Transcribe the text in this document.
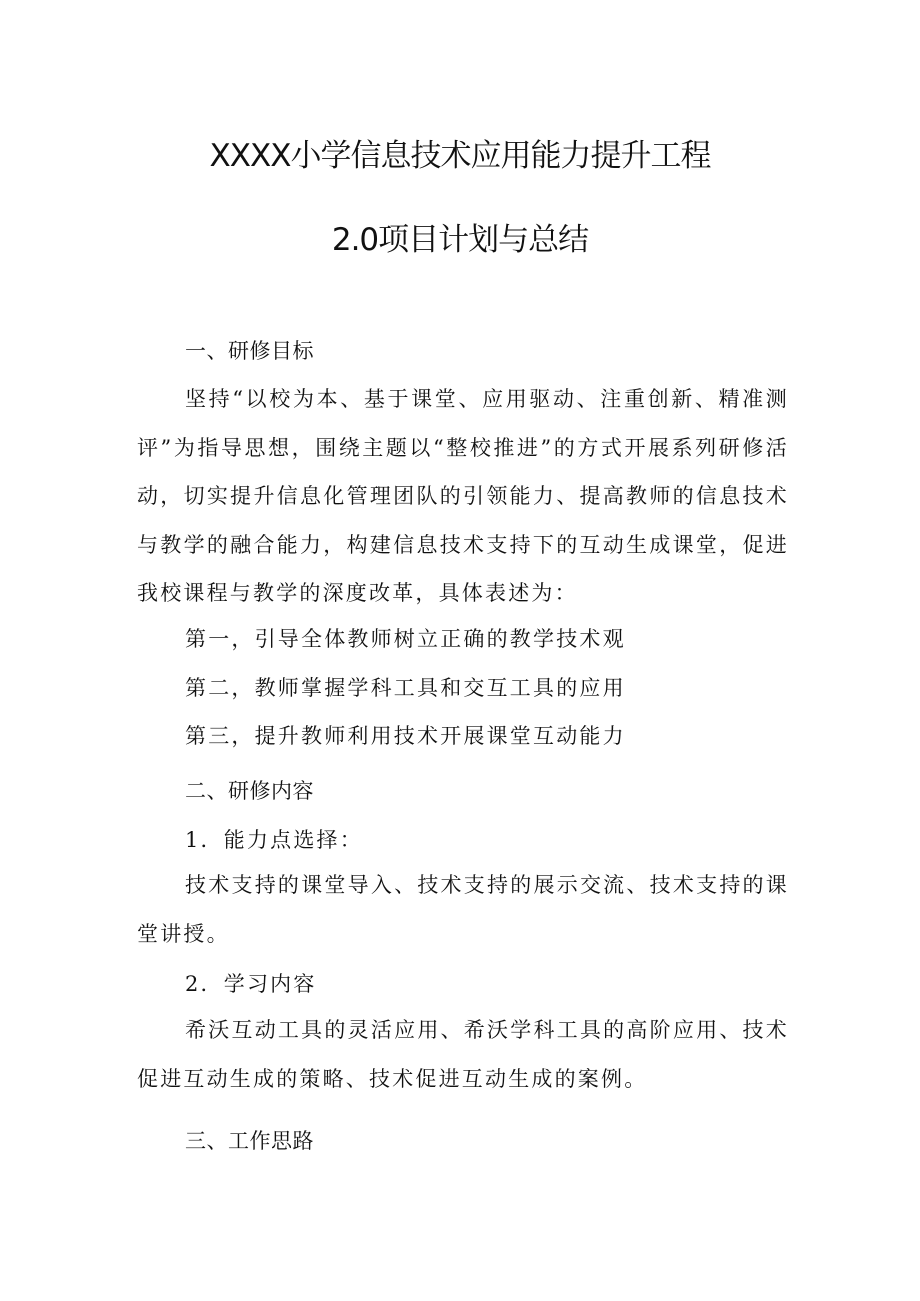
XXXX小学信息技术应用能力提升工程
2.0项目计划与总结
一、研修目标

坚持“以校为本、基于课堂、应用驱动、注重创新、精准测评”为指导思想，围绕主题以“整校推进”的方式开展系列研修活动，切实提升信息化管理团队的引领能力、提高教师的信息技术与教学的融合能力，构建信息技术支持下的互动生成课堂，促进我校课程与教学的深度改革，具体表述为：

第一，引导全体教师树立正确的教学技术观

第二，教师掌握学科工具和交互工具的应用

第三，提升教师利用技术开展课堂互动能力

二、研修内容

1．能力点选择：

技术支持的课堂导入、技术支持的展示交流、技术支持的课堂讲授。

2．学习内容

希沃互动工具的灵活应用、希沃学科工具的高阶应用、技术促进互动生成的策略、技术促进互动生成的案例。

三、工作思路
